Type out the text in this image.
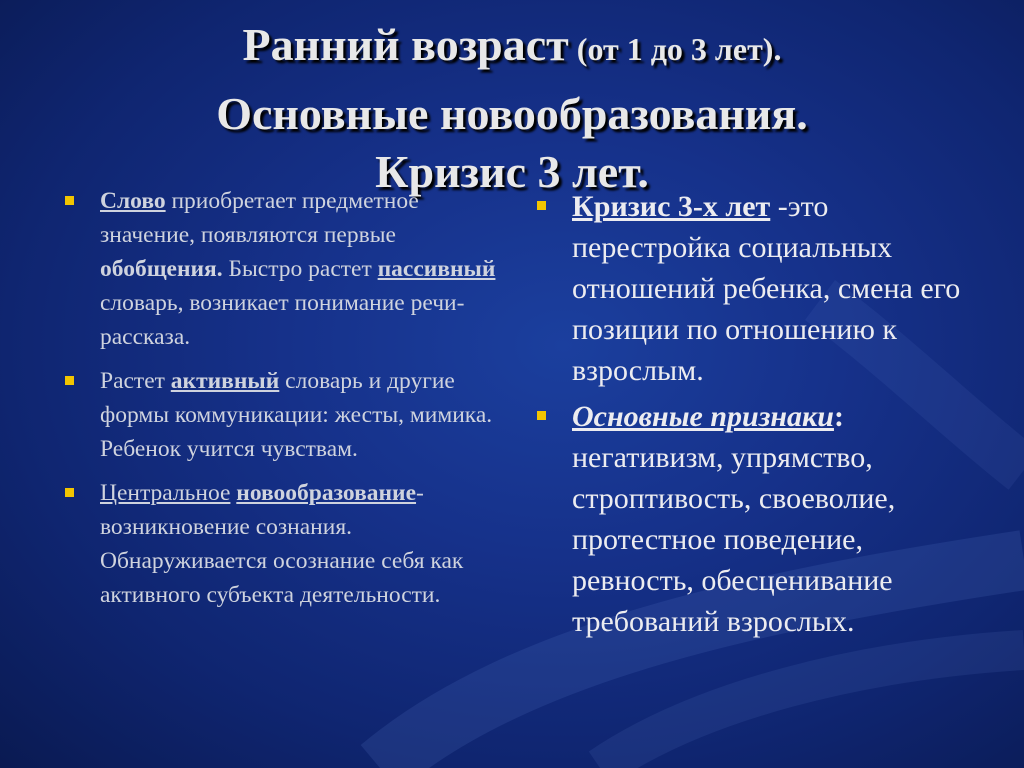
Ранний возраст (от 1 до 3 лет).
Основные новообразования.
Кризис 3 лет.
Слово приобретает предметное значение, появляются первые обобщения. Быстро растет пассивный словарь, возникает понимание речи-рассказа.
Растет активный словарь и другие формы коммуникации: жесты, мимика. Ребенок учится чувствам.
Центральное новообразование-возникновение сознания. Обнаруживается осознание себя как активного субъекта деятельности.
Кризис 3-х лет -это перестройка социальных отношений ребенка, смена его позиции по отношению к взрослым.
Основные признаки: негативизм, упрямство, строптивость, своеволие, протестное поведение, ревность, обесценивание требований взрослых.
